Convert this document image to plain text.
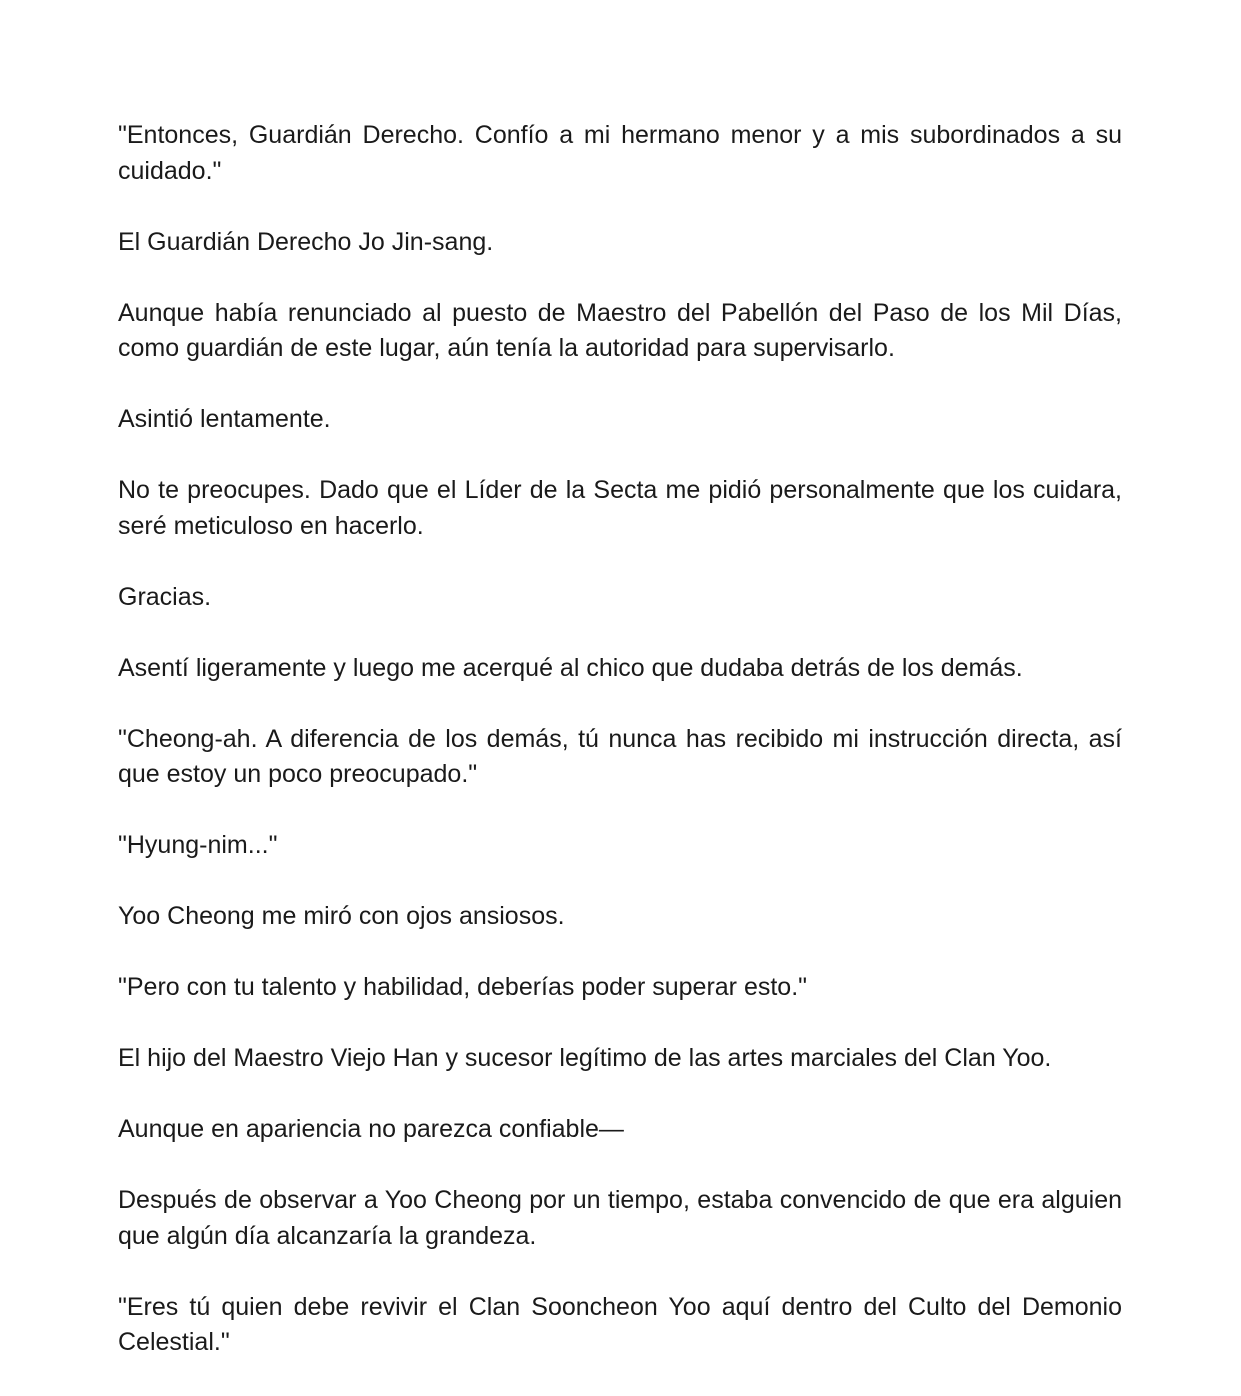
"Entonces, Guardián Derecho. Confío a mi hermano menor y a mis subordinados a su cuidado."

El Guardián Derecho Jo Jin-sang.

Aunque había renunciado al puesto de Maestro del Pabellón del Paso de los Mil Días, como guardián de este lugar, aún tenía la autoridad para supervisarlo.

Asintió lentamente.

No te preocupes. Dado que el Líder de la Secta me pidió personalmente que los cuidara, seré meticuloso en hacerlo.

Gracias.

Asentí ligeramente y luego me acerqué al chico que dudaba detrás de los demás.

"Cheong-ah. A diferencia de los demás, tú nunca has recibido mi instrucción directa, así que estoy un poco preocupado."

"Hyung-nim..."

Yoo Cheong me miró con ojos ansiosos.

"Pero con tu talento y habilidad, deberías poder superar esto."

El hijo del Maestro Viejo Han y sucesor legítimo de las artes marciales del Clan Yoo.

Aunque en apariencia no parezca confiable—

Después de observar a Yoo Cheong por un tiempo, estaba convencido de que era alguien que algún día alcanzaría la grandeza.

"Eres tú quien debe revivir el Clan Sooncheon Yoo aquí dentro del Culto del Demonio Celestial."
